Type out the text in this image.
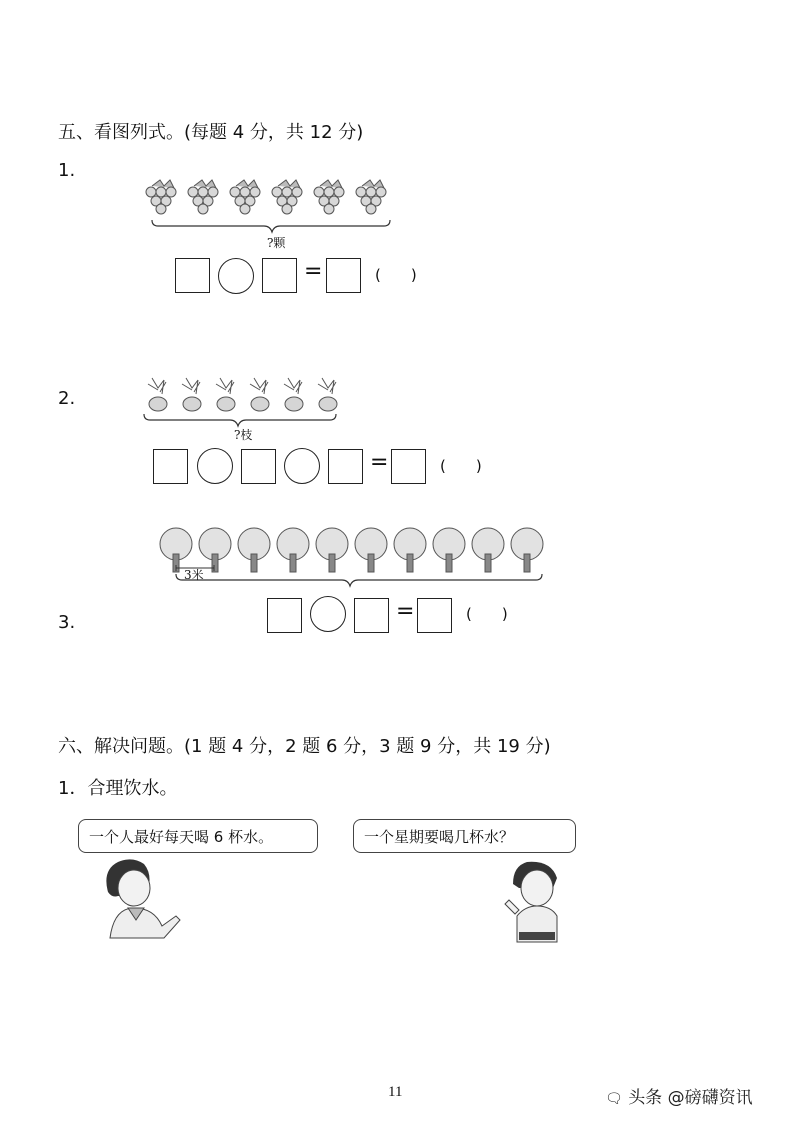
五、看图列式。(每题 4 分，共 12 分)
1.
?颗
=	(　　)
2.
?枝
=	(　　)
3米
3.	=	(　　)
六、解决问题。(1 题 4 分，2 题 6 分，3 题 9 分，共 19 分)
1．合理饮水。
一个人最好每天喝 6 杯水。	一个星期要喝几杯水？
11	🗨 头条 @磅礴资讯
